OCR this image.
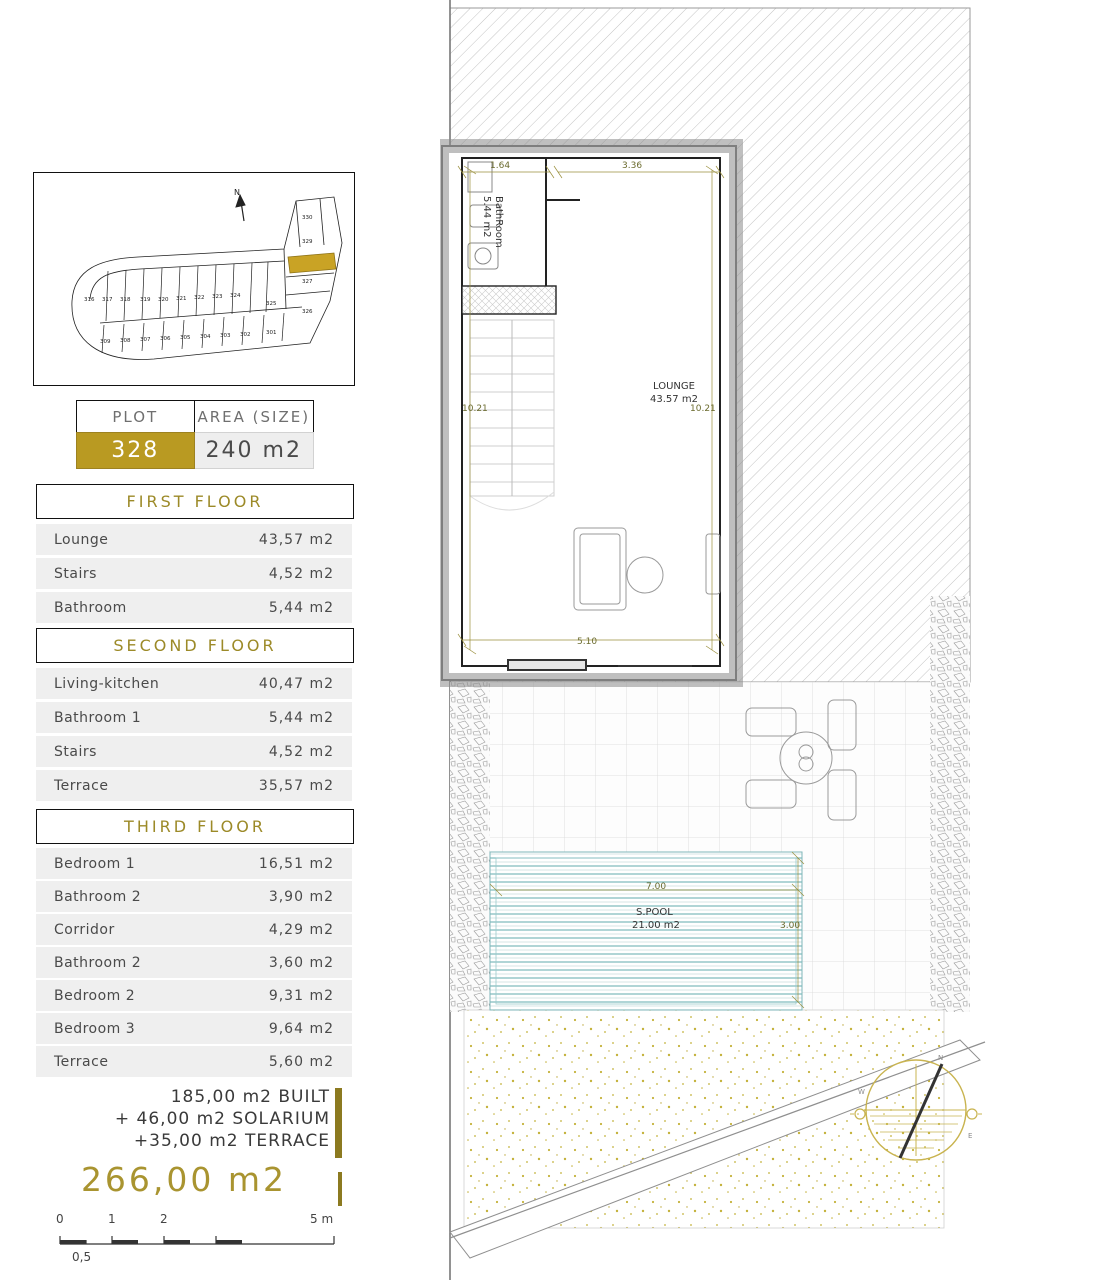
N
330
329
327
326
325
316 317 318 319 320 321 322 323 324
309 308 307 306 305 304 303 302	301
PLOT	AREA (SIZE)
328	240 m2
FIRST FLOOR
Lounge	43,57 m2
Stairs	4,52 m2
Bathroom	5,44 m2
SECOND FLOOR
Living-kitchen	40,47 m2
Bathroom 1	5,44 m2
Stairs	4,52 m2
Terrace	35,57 m2
THIRD FLOOR
Bedroom 1	16,51 m2
Bathroom 2	3,90 m2
Corridor	4,29 m2
Bathroom 2	3,60 m2
Bedroom 2	9,31 m2
Bedroom 3	9,64 m2
Terrace	5,60 m2
185,00 m2 BUILT
+ 46,00 m2 SOLARIUM
+35,00 m2 TERRACE
266,00 m2
0	1	2	5 m
0,5
N
E
W
LOUNGE
43.57 m2
BathRoom
5.44 m2
S.POOL
21.00 m2
1.64	3.36
10.21	10.21
5.10
7.00
3.00
